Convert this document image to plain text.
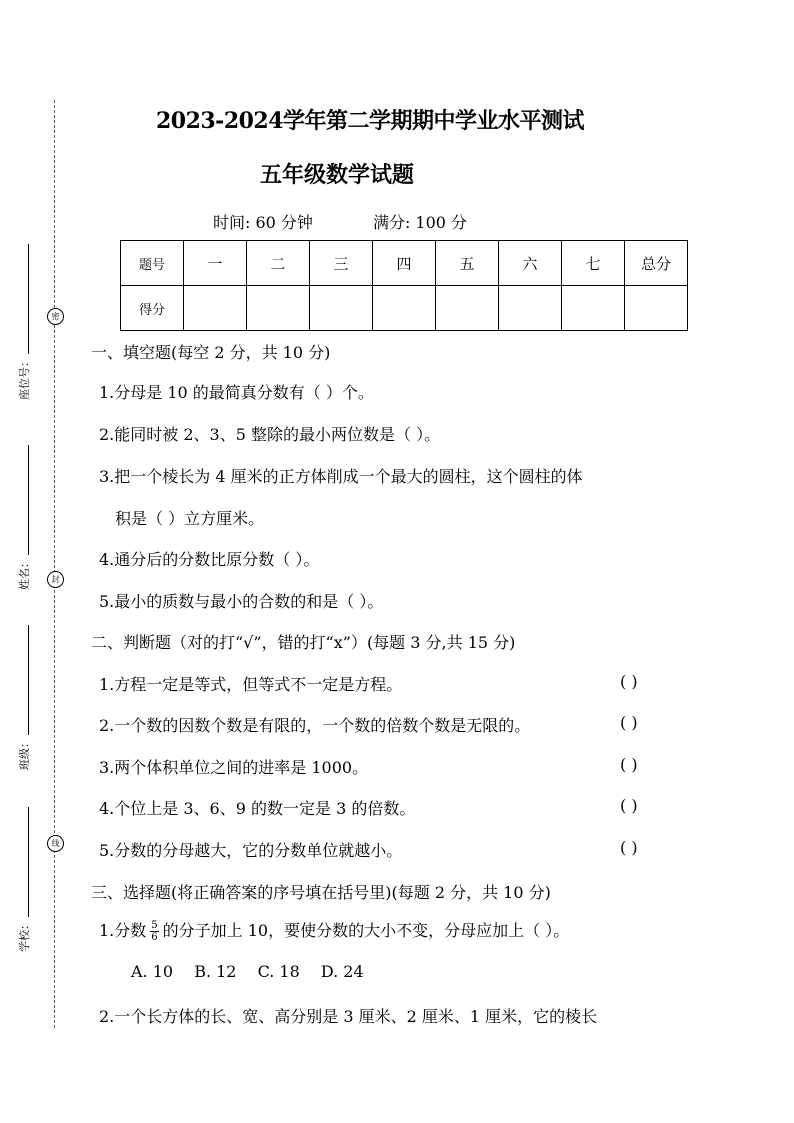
密
封
线
座位号：
姓名：
班级：
学校：
2023-2024学年第二学期期中学业水平测试
五年级数学试题
时间: 60 分钟	满分: 100 分
题号	一	二	三	四	五	六	七	总分
得分								
一、填空题(每空 2 分，共 10 分)
1.分母是 10 的最简真分数有（ ）个。
2.能同时被 2、3、5 整除的最小两位数是（ ）。
3.把一个棱长为 4 厘米的正方体削成一个最大的圆柱，这个圆柱的体
积是（ ）立方厘米。
4.通分后的分数比原分数（ ）。
5.最小的质数与最小的合数的和是（ ）。
二、判断题（对的打“√”，错的打“x”）(每题 3 分,共 15 分)
1.方程一定是等式，但等式不一定是方程。	( )
2.一个数的因数个数是有限的，一个数的倍数个数是无限的。	( )
3.两个体积单位之间的进率是 1000。	( )
4.个位上是 3、6、9 的数一定是 3 的倍数。	( )
5.分数的分母越大，它的分数单位就越小。	( )
三、选择题(将正确答案的序号填在括号里)(每题 2 分，共 10 分)
1.分数 $\frac{5}{6}$ 的分子加上 10，要使分数的大小不变，分母应加上（ ）。
A. 10 B. 12 C. 18 D. 24
2.一个长方体的长、宽、高分别是 3 厘米、2 厘米、1 厘米，它的棱长
